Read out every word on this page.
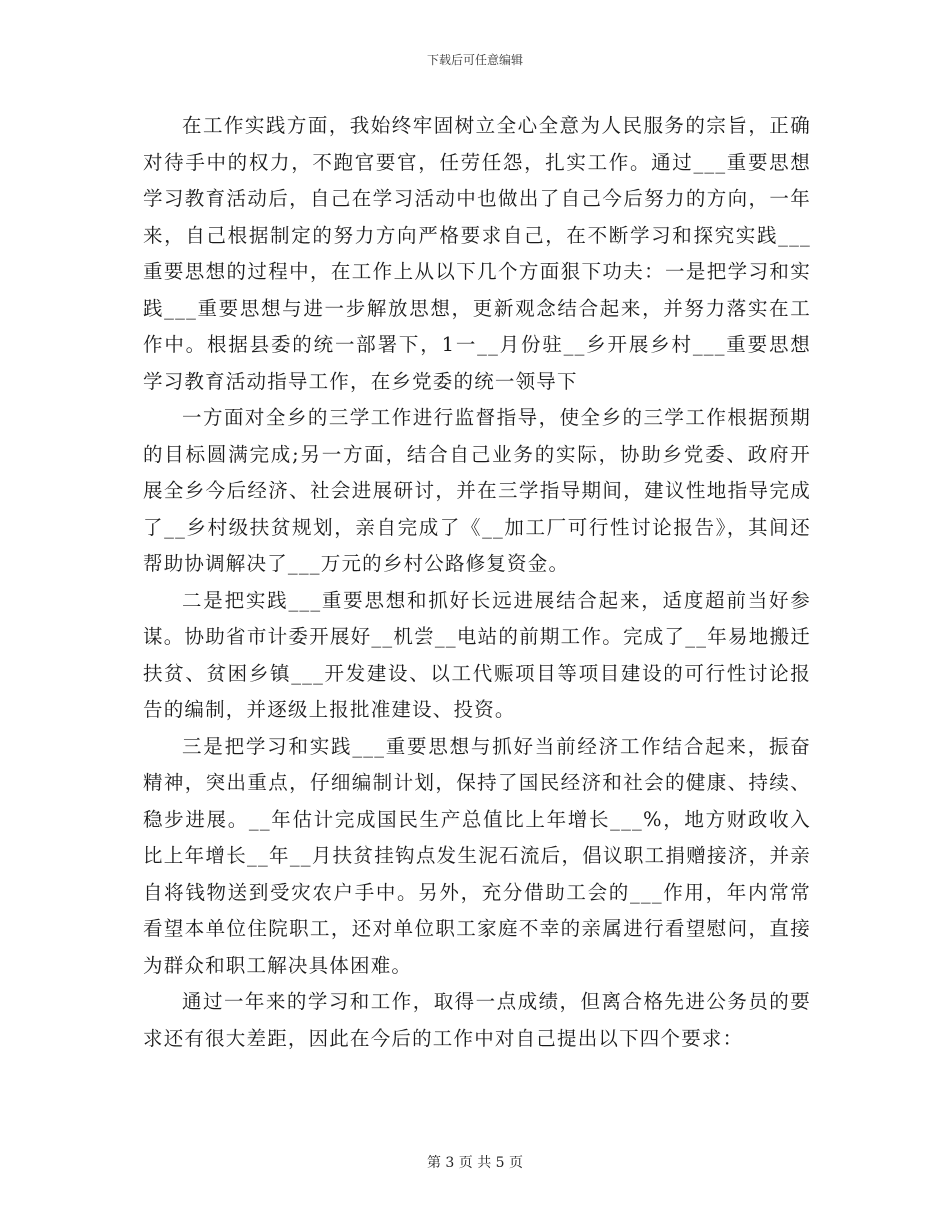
下载后可任意编辑

在工作实践方面，我始终牢固树立全心全意为人民服务的宗旨，正确对待手中的权力，不跑官要官，任劳任怨，扎实工作。通过___重要思想学习教育活动后，自己在学习活动中也做出了自己今后努力的方向，一年来，自己根据制定的努力方向严格要求自己，在不断学习和探究实践___重要思想的过程中，在工作上从以下几个方面狠下功夫：一是把学习和实践___重要思想与进一步解放思想，更新观念结合起来，并努力落实在工作中。根据县委的统一部署下，1一__月份驻__乡开展乡村___重要思想学习教育活动指导工作，在乡党委的统一领导下

一方面对全乡的三学工作进行监督指导，使全乡的三学工作根据预期的目标圆满完成;另一方面，结合自己业务的实际，协助乡党委、政府开展全乡今后经济、社会进展研讨，并在三学指导期间，建议性地指导完成了__乡村级扶贫规划，亲自完成了《__加工厂可行性讨论报告》，其间还帮助协调解决了___万元的乡村公路修复资金。

二是把实践___重要思想和抓好长远进展结合起来，适度超前当好参谋。协助省市计委开展好__机尝__电站的前期工作。完成了__年易地搬迁扶贫、贫困乡镇___开发建设、以工代赈项目等项目建设的可行性讨论报告的编制，并逐级上报批准建设、投资。

三是把学习和实践___重要思想与抓好当前经济工作结合起来，振奋精神，突出重点，仔细编制计划，保持了国民经济和社会的健康、持续、稳步进展。__年估计完成国民生产总值比上年增长___%，地方财政收入比上年增长__年__月扶贫挂钩点发生泥石流后，倡议职工捐赠接济，并亲自将钱物送到受灾农户手中。另外，充分借助工会的___作用，年内常常看望本单位住院职工，还对单位职工家庭不幸的亲属进行看望慰问，直接为群众和职工解决具体困难。

通过一年来的学习和工作，取得一点成绩，但离合格先进公务员的要求还有很大差距，因此在今后的工作中对自己提出以下四个要求：

第 3 页 共 5 页
